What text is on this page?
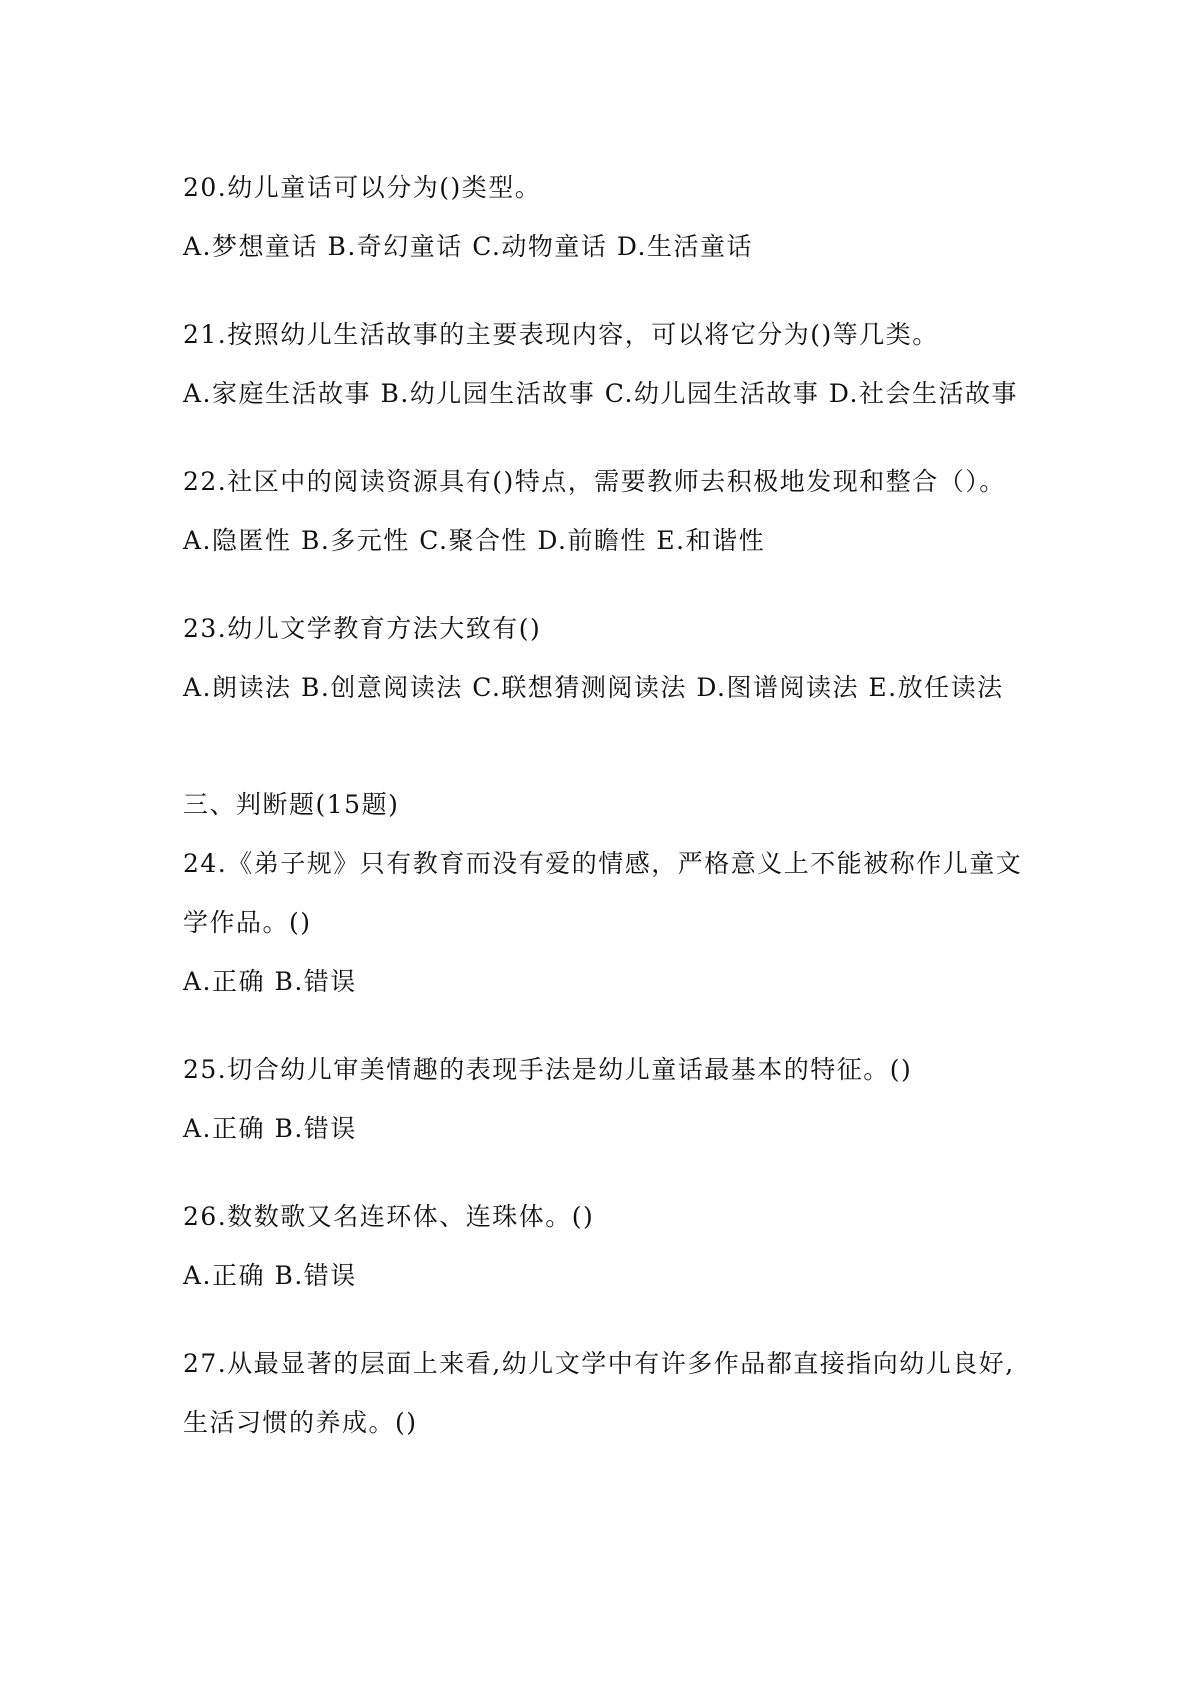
20.幼儿童话可以分为()类型。
A.梦想童话 B.奇幻童话 C.动物童话 D.生活童话
21.按照幼儿生活故事的主要表现内容，可以将它分为()等几类。
A.家庭生活故事 B.幼儿园生活故事 C.幼儿园生活故事 D.社会生活故事
22.社区中的阅读资源具有()特点，需要教师去积极地发现和整合（）。
A.隐匿性 B.多元性 C.聚合性 D.前瞻性 E.和谐性
23.幼儿文学教育方法大致有()
A.朗读法 B.创意阅读法 C.联想猜测阅读法 D.图谱阅读法 E.放任读法
三、判断题(15题)
24.《弟子规》只有教育而没有爱的情感，严格意义上不能被称作儿童文
学作品。()
A.正确 B.错误
25.切合幼儿审美情趣的表现手法是幼儿童话最基本的特征。()
A.正确 B.错误
26.数数歌又名连环体、连珠体。()
A.正确 B.错误
27.从最显著的层面上来看,幼儿文学中有许多作品都直接指向幼儿良好,
生活习惯的养成。()
